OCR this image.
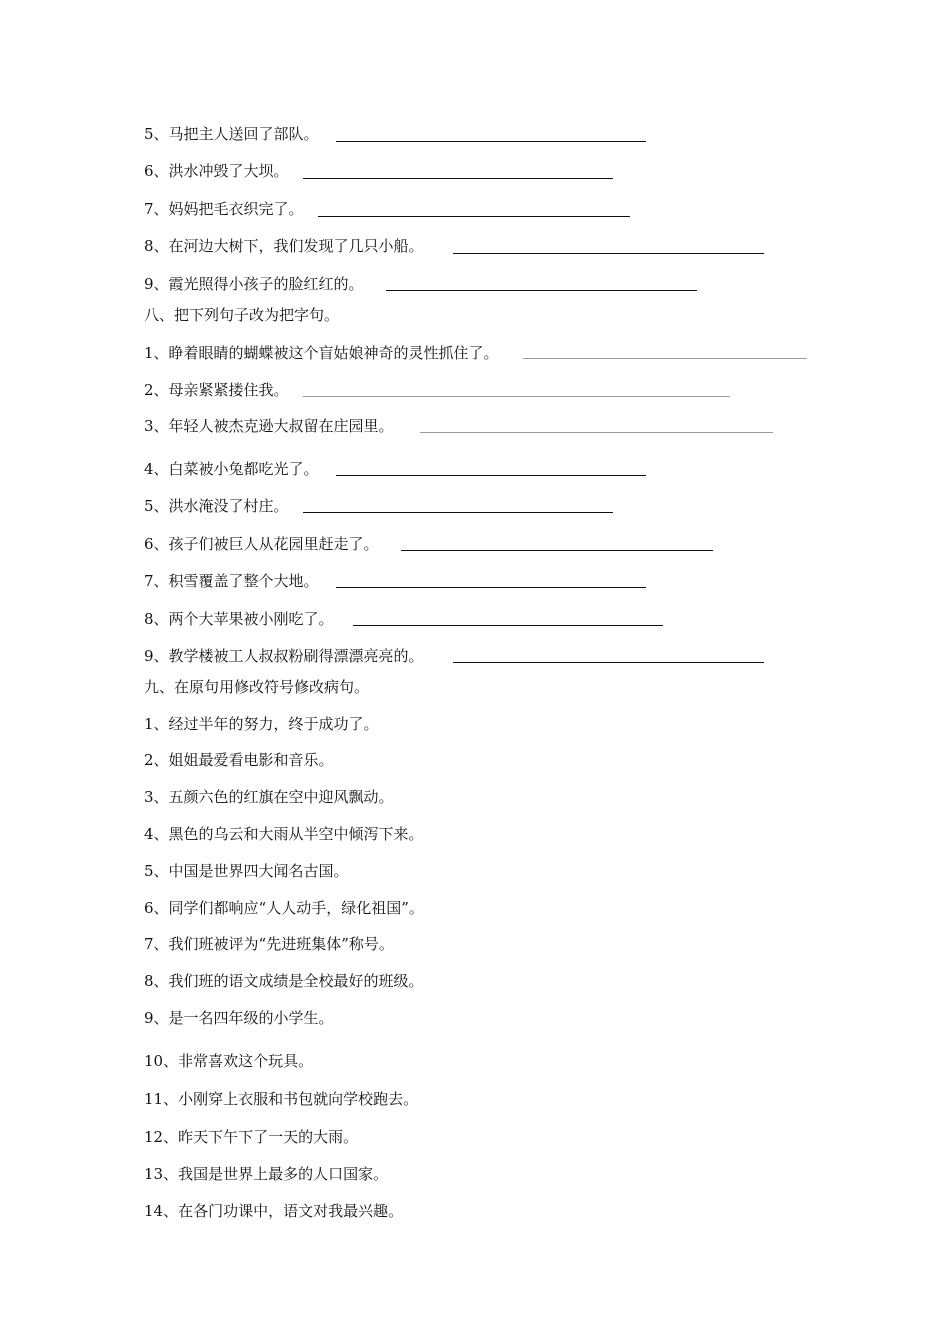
5、马把主人送回了部队。
6、洪水冲毁了大坝。
7、妈妈把毛衣织完了。
8、在河边大树下，我们发现了几只小船。
9、霞光照得小孩子的脸红红的。
八、把下列句子改为把字句。
1、睁着眼睛的蝴蝶被这个盲姑娘神奇的灵性抓住了。
2、母亲紧紧搂住我。
3、年轻人被杰克逊大叔留在庄园里。
4、白菜被小兔都吃光了。
5、洪水淹没了村庄。
6、孩子们被巨人从花园里赶走了。
7、积雪覆盖了整个大地。
8、两个大苹果被小刚吃了。
9、教学楼被工人叔叔粉刷得漂漂亮亮的。
九、在原句用修改符号修改病句。
1、经过半年的努力，终于成功了。
2、姐姐最爱看电影和音乐。
3、五颜六色的红旗在空中迎风飘动。
4、黑色的乌云和大雨从半空中倾泻下来。
5、中国是世界四大闻名古国。
6、同学们都响应“人人动手，绿化祖国”。
7、我们班被评为“先进班集体”称号。
8、我们班的语文成绩是全校最好的班级。
9、是一名四年级的小学生。
10、非常喜欢这个玩具。
11、小刚穿上衣服和书包就向学校跑去。
12、昨天下午下了一天的大雨。
13、我国是世界上最多的人口国家。
14、在各门功课中，语文对我最兴趣。
